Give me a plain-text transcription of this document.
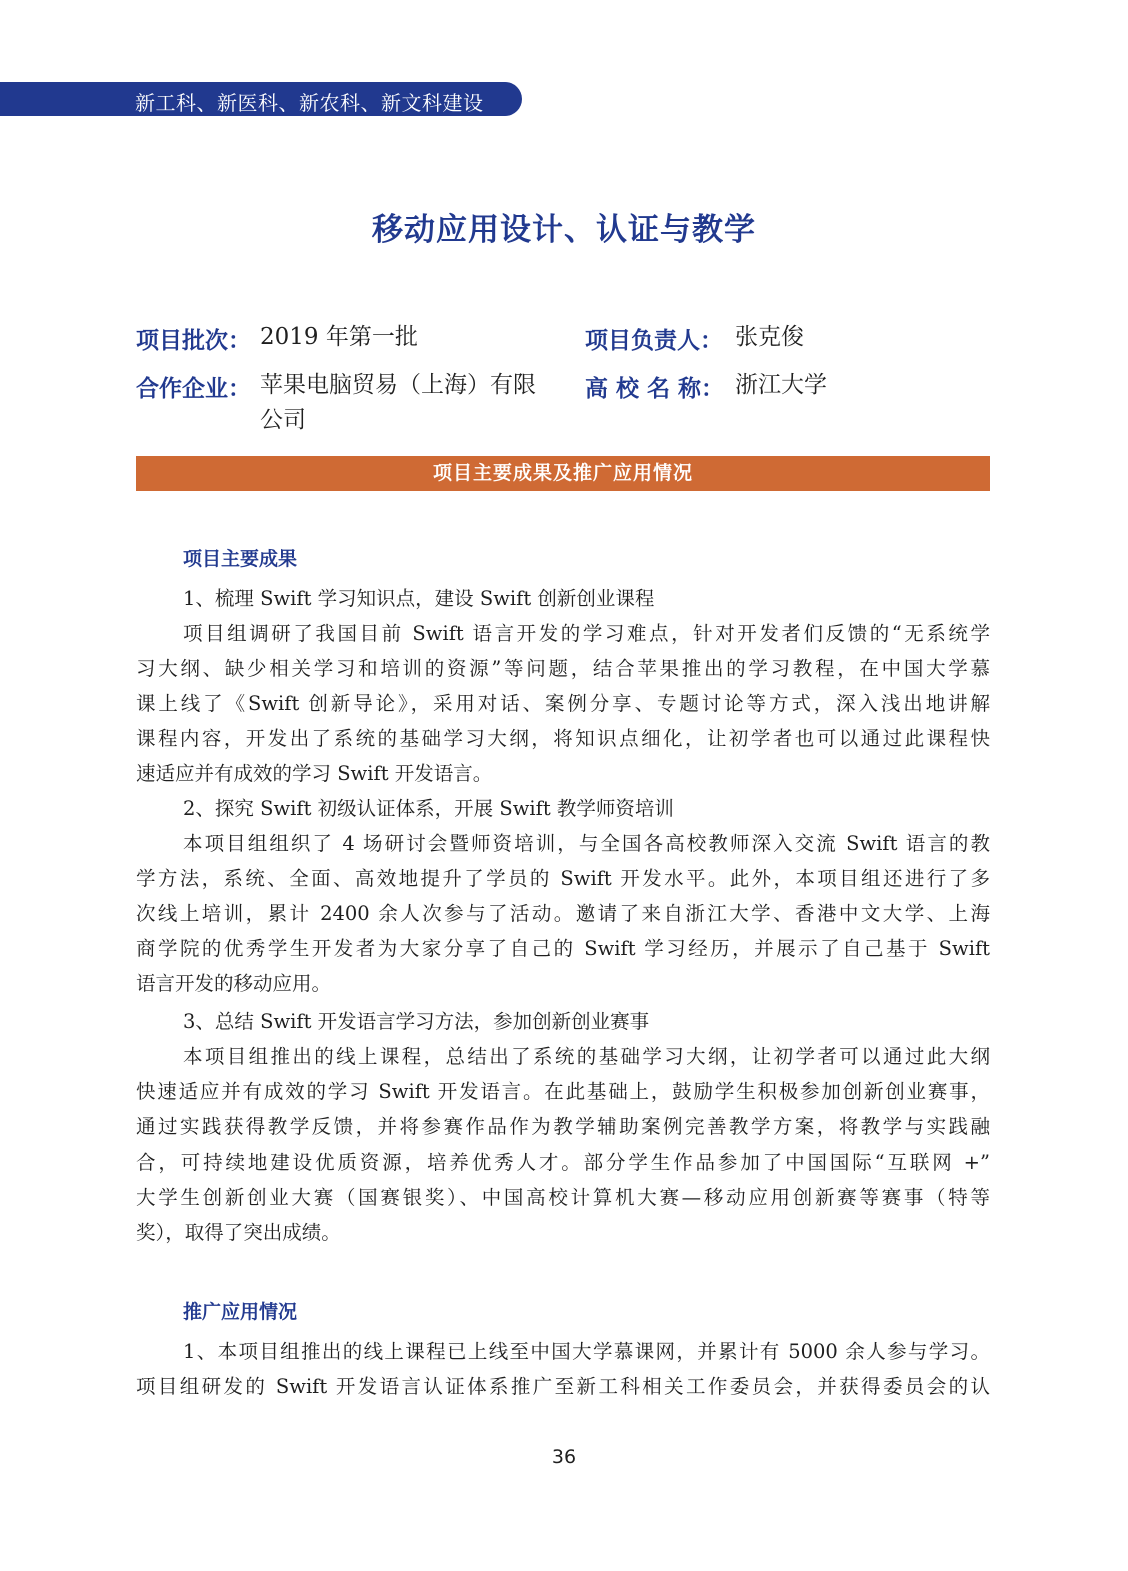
新工科、新医科、新农科、新文科建设
移动应用设计、认证与教学
项目批次： 2019 年第一批	项目负责人： 张克俊
合作企业： 苹果电脑贸易（上海）有限
公司
高 校 名 称： 浙江大学
项目主要成果及推广应用情况
项目主要成果
1、梳理 Swift 学习知识点，建设 Swift 创新创业课程
项目组调研了我国目前 Swift 语言开发的学习难点，针对开发者们反馈的“无系统学
习大纲、缺少相关学习和培训的资源”等问题，结合苹果推出的学习教程，在中国大学慕
课上线了《Swift 创新导论》，采用对话、案例分享、专题讨论等方式，深入浅出地讲解
课程内容，开发出了系统的基础学习大纲，将知识点细化，让初学者也可以通过此课程快
速适应并有成效的学习 Swift 开发语言。
2、探究 Swift 初级认证体系，开展 Swift 教学师资培训
本项目组组织了 4 场研讨会暨师资培训，与全国各高校教师深入交流 Swift 语言的教
学方法，系统、全面、高效地提升了学员的 Swift 开发水平。此外，本项目组还进行了多
次线上培训，累计 2400 余人次参与了活动。邀请了来自浙江大学、香港中文大学、上海
商学院的优秀学生开发者为大家分享了自己的 Swift 学习经历，并展示了自己基于 Swift
语言开发的移动应用。
3、总结 Swift 开发语言学习方法，参加创新创业赛事
本项目组推出的线上课程，总结出了系统的基础学习大纲，让初学者可以通过此大纲
快速适应并有成效的学习 Swift 开发语言。在此基础上，鼓励学生积极参加创新创业赛事，
通过实践获得教学反馈，并将参赛作品作为教学辅助案例完善教学方案，将教学与实践融
合，可持续地建设优质资源，培养优秀人才。部分学生作品参加了中国国际“互联网 +”
大学生创新创业大赛（国赛银奖）、中国高校计算机大赛—移动应用创新赛等赛事（特等
奖），取得了突出成绩。
推广应用情况
1、本项目组推出的线上课程已上线至中国大学慕课网，并累计有 5000 余人参与学习。
项目组研发的 Swift 开发语言认证体系推广至新工科相关工作委员会，并获得委员会的认
36
